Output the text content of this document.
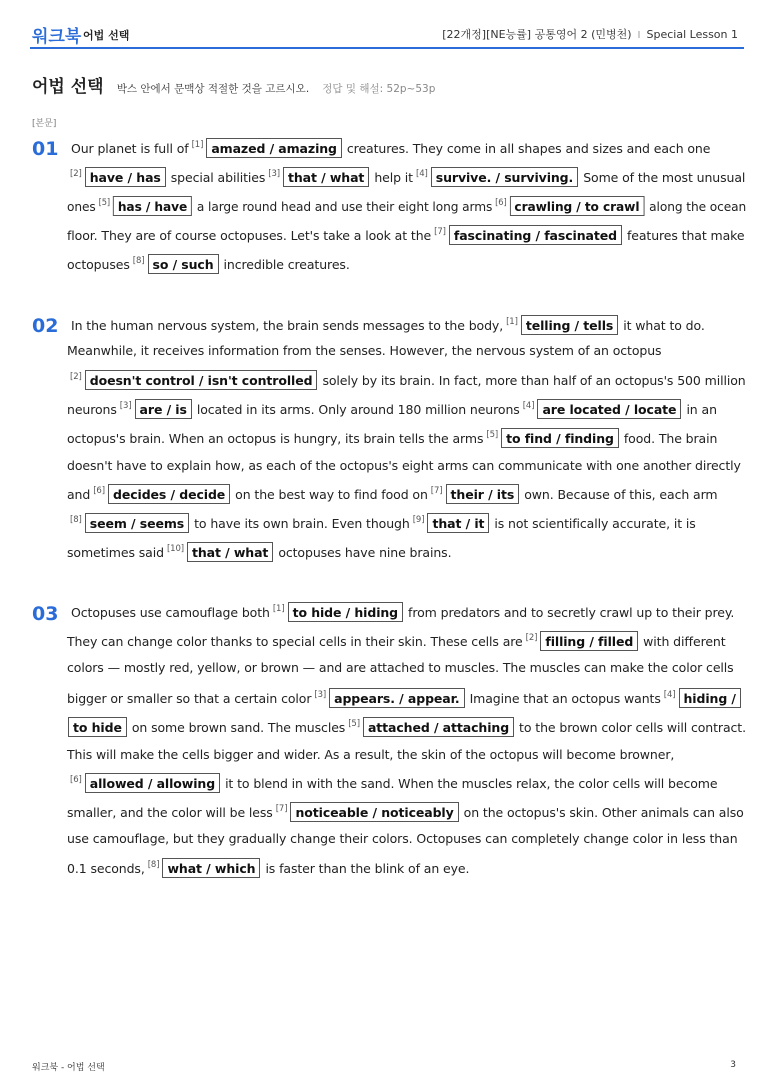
워크북 어법 선택	[22개정][NE능률] 공통영어 2 (민병천) I Special Lesson 1
어법 선택 박스 안에서 문맥상 적절한 것을 고르시오. 정답 및 해설: 52p~53p
[본문]
01 Our planet is full of [1] amazed / amazing creatures. They come in all shapes and sizes and each one
[2] have / has special abilities [3] that / what help it [4] survive. / surviving. Some of the most unusual
ones [5] has / have a large round head and use their eight long arms [6] crawling / to crawl along the ocean
floor. They are of course octopuses. Let's take a look at the [7] fascinating / fascinated features that make
octopuses [8] so / such incredible creatures.
02 In the human nervous system, the brain sends messages to the body, [1] telling / tells it what to do.
Meanwhile, it receives information from the senses. However, the nervous system of an octopus
[2] doesn't control / isn't controlled solely by its brain. In fact, more than half of an octopus's 500 million
neurons [3] are / is located in its arms. Only around 180 million neurons [4] are located / locate in an
octopus's brain. When an octopus is hungry, its brain tells the arms [5] to find / finding food. The brain
doesn't have to explain how, as each of the octopus's eight arms can communicate with one another directly
and [6] decides / decide on the best way to find food on [7] their / its own. Because of this, each arm
[8] seem / seems to have its own brain. Even though [9] that / it is not scientifically accurate, it is
sometimes said [10] that / what octopuses have nine brains.
03 Octopuses use camouflage both [1] to hide / hiding from predators and to secretly crawl up to their prey.
They can change color thanks to special cells in their skin. These cells are [2] filling / filled with different
colors — mostly red, yellow, or brown — and are attached to muscles. The muscles can make the color cells
bigger or smaller so that a certain color [3] appears. / appear. Imagine that an octopus wants [4] hiding /
to hide on some brown sand. The muscles [5] attached / attaching to the brown color cells will contract.
This will make the cells bigger and wider. As a result, the skin of the octopus will become browner,
[6] allowed / allowing it to blend in with the sand. When the muscles relax, the color cells will become
smaller, and the color will be less [7] noticeable / noticeably on the octopus's skin. Other animals can also
use camouflage, but they gradually change their colors. Octopuses can completely change color in less than
0.1 seconds, [8] what / which is faster than the blink of an eye.
워크북 - 어법 선택	3
